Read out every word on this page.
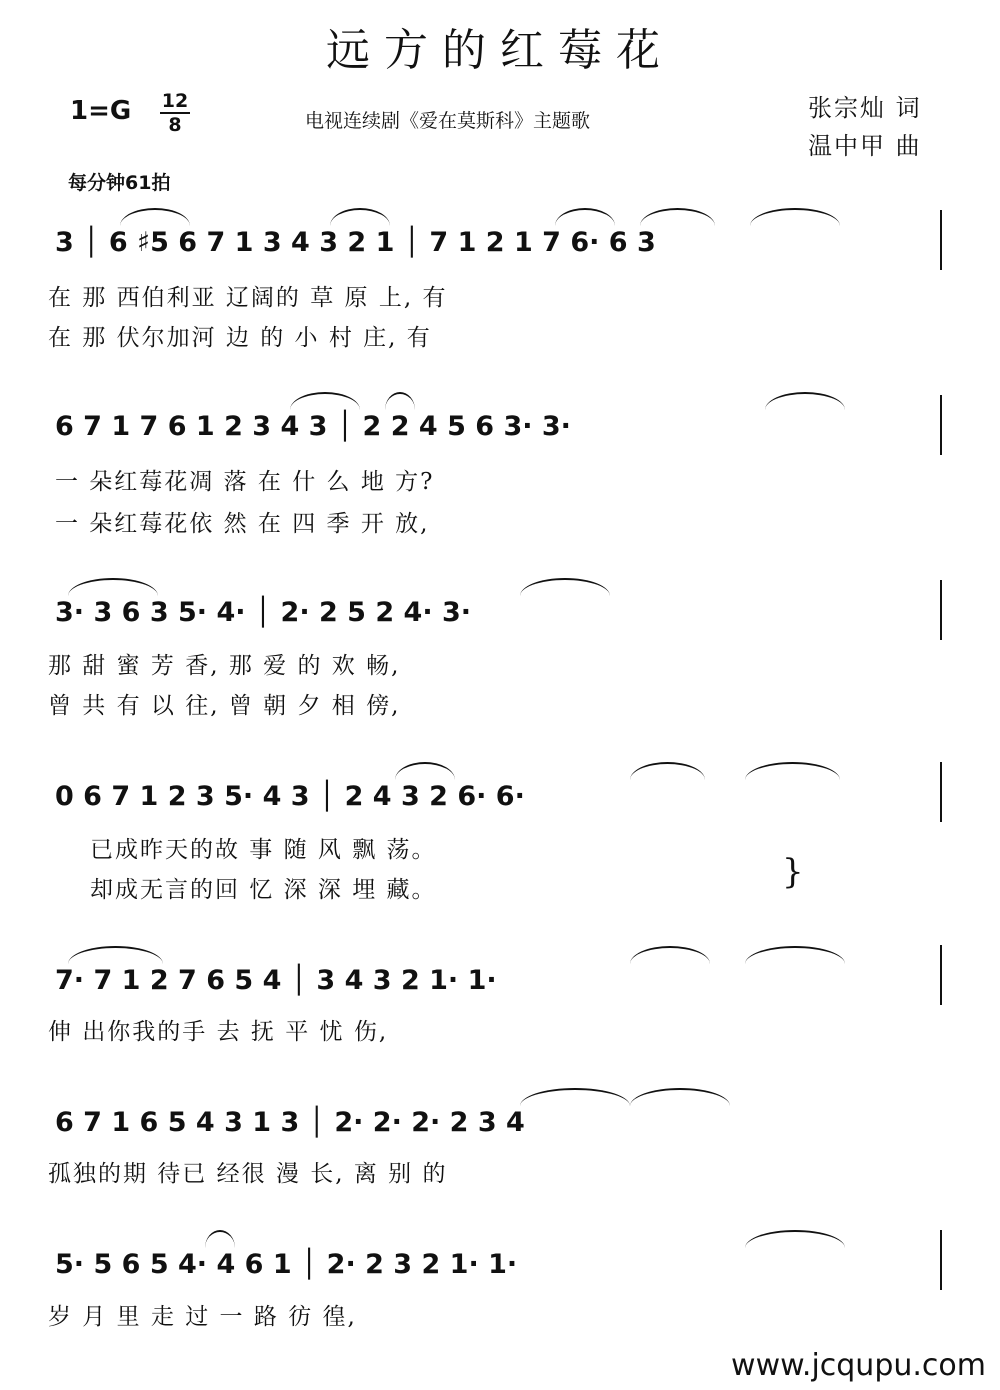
远方的红莓花
1=G 12
8	电视连续剧《爱在莫斯科》主题歌	张宗灿 词
温中甲 曲
每分钟61拍
3 │ 6 ♯5 6 7 1 3 4 3 2 1 │ 7 1 2 1 7 6· 6 3
在 那 西伯利亚 辽阔的 草 原 上, 有
在 那 伏尔加河 边 的 小 村 庄, 有
6 7 1 7 6 1 2 3 4 3 │ 2 2 4 5 6 3· 3·
一 朵红莓花凋 落 在 什 么 地 方?
一 朵红莓花依 然 在 四 季 开 放,
3· 3 6 3 5· 4· │ 2· 2 5 2 4· 3·
那 甜 蜜 芳 香, 那 爱 的 欢 畅,
曾 共 有 以 往, 曾 朝 夕 相 傍,
0 6 7 1 2 3 5· 4 3 │ 2 4 3 2 6· 6·
已成昨天的故 事 随 风 飘 荡。
却成无言的回 忆 深 深 埋 藏。	}
7· 7 1 2 7 6 5 4 │ 3 4 3 2 1· 1·
伸 出你我的手 去 抚 平 忧 伤,
6 7 1 6 5 4 3 1 3 │ 2· 2· 2· 2 3 4
孤独的期 待已 经很 漫 长, 离 别 的
5· 5 6 5 4· 4 6 1 │ 2· 2 3 2 1· 1·
岁 月 里 走 过 一 路 彷 徨,
www.jcqupu.com
